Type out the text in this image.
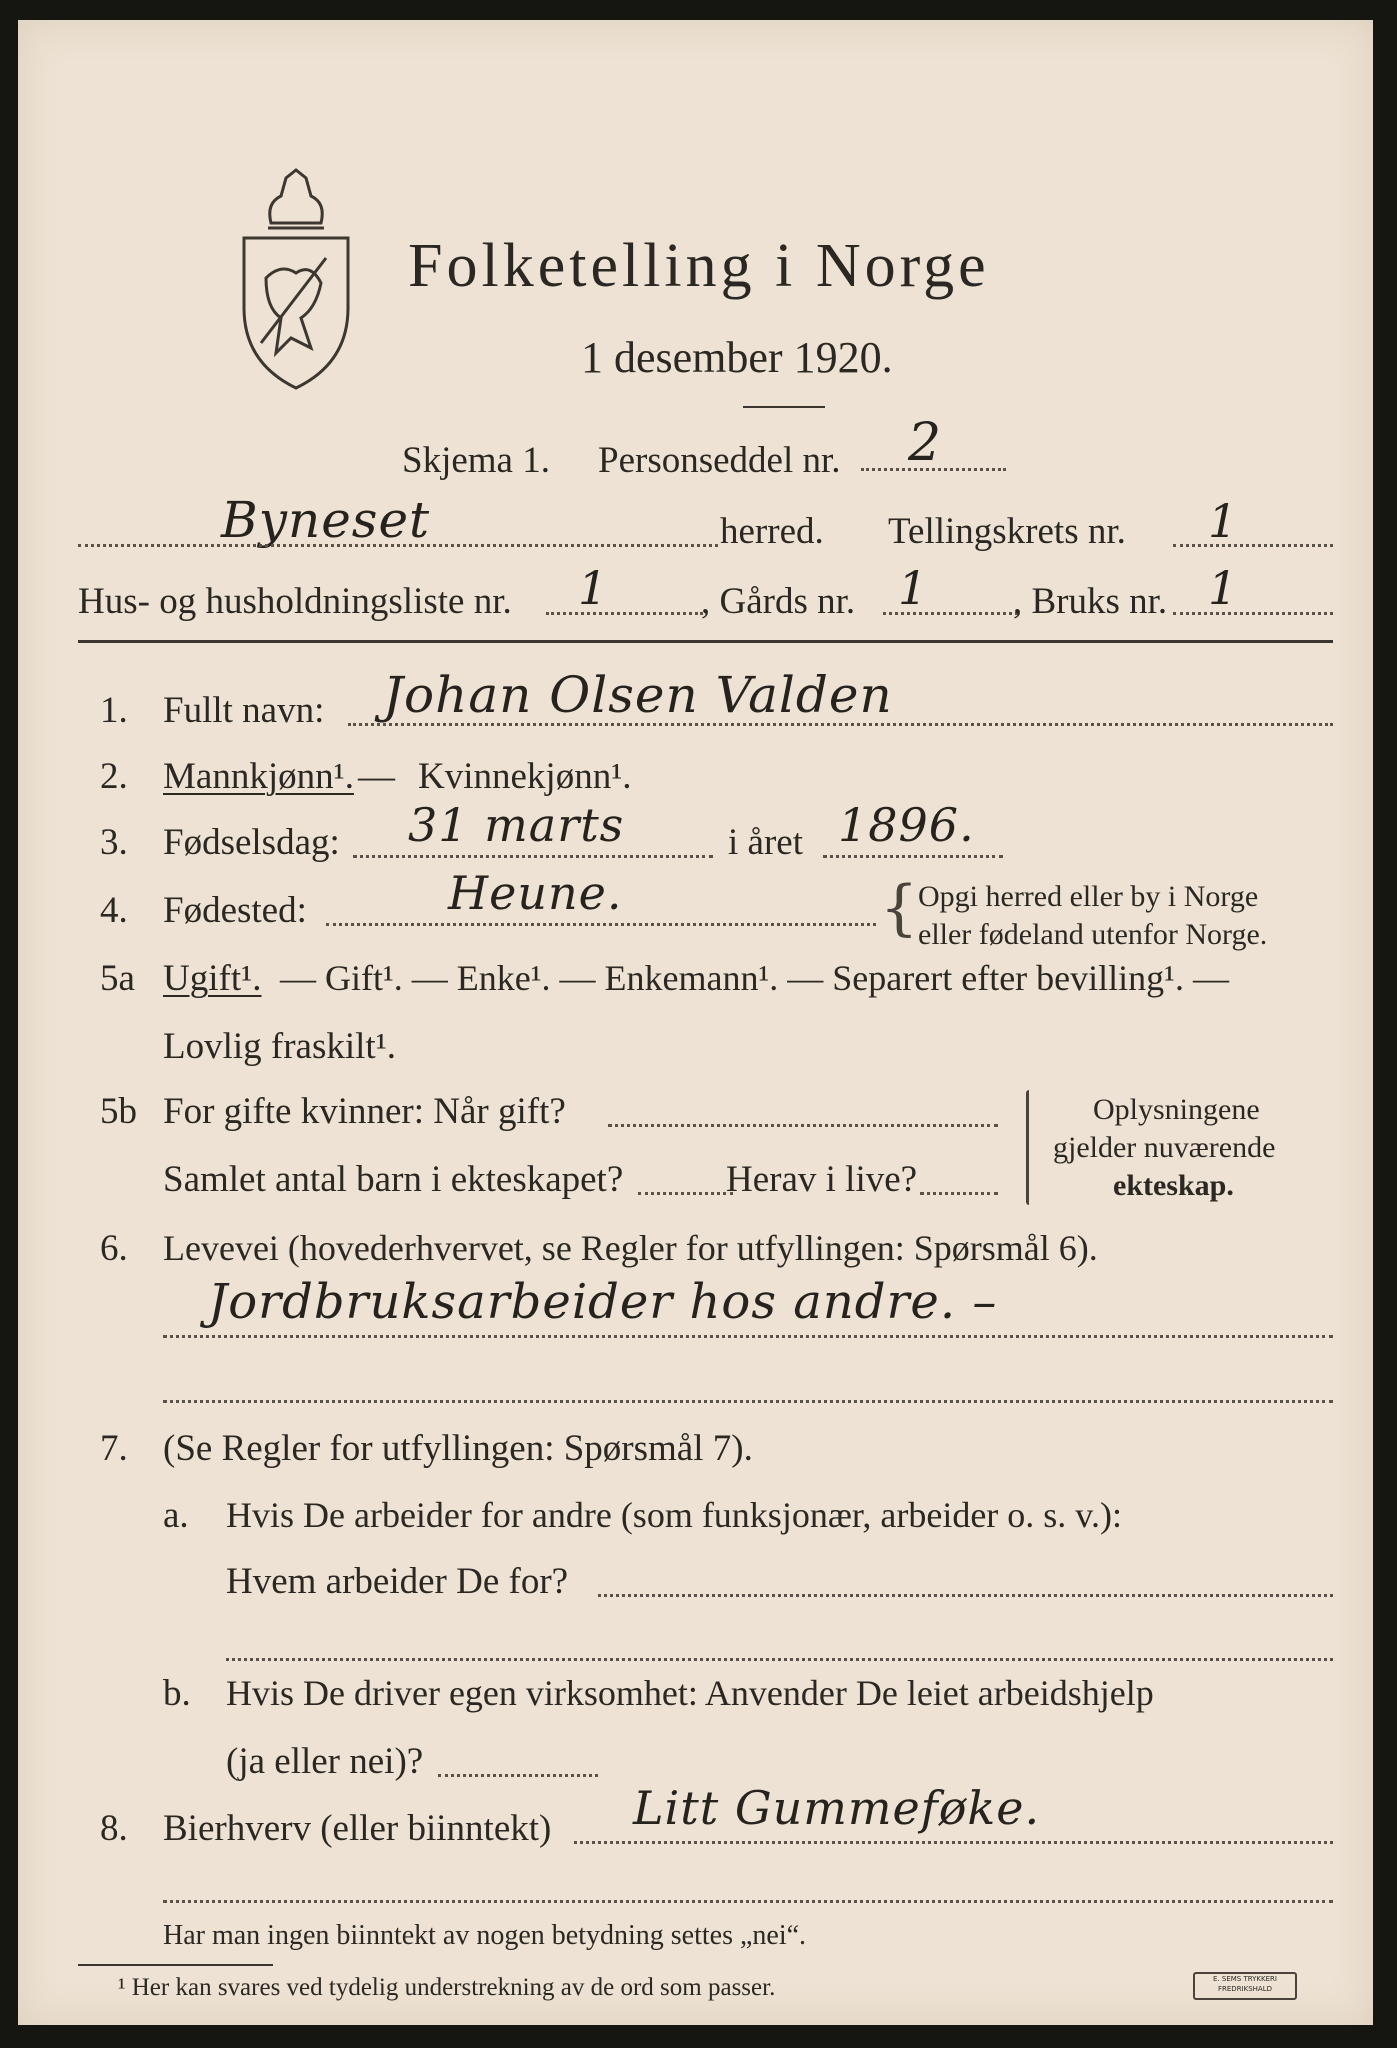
Folketelling i Norge
1 desember 1920.
Skjema 1. Personseddel nr. 2
Byneset	herred. Tellingskrets nr. 1
Hus- og husholdningsliste nr. 1	, Gårds nr. 1 , Bruks nr. 1
1. Fullt navn: Johan Olsen Valden
2. Mannkjønn¹. — Kvinnekjønn¹.
3. Fødselsdag: 31 marts	i året 1896.
4. Fødested:	Heune.	{ Opgi herred eller by i Norge
eller fødeland utenfor Norge.
5a Ugift¹. — Gift¹. — Enke¹. — Enkemann¹. — Separert efter bevilling¹. —
Lovlig fraskilt¹.
5b For gifte kvinner: Når gift?
Samlet antal barn i ekteskapet?	Herav i live?
Oplysningene
gjelder nuværende
ekteskap.
6. Levevei (hovederhvervet, se Regler for utfyllingen: Spørsmål 6).
Jordbruksarbeider hos andre. –
7. (Se Regler for utfyllingen: Spørsmål 7).
a. Hvis De arbeider for andre (som funksjonær, arbeider o. s. v.):
Hvem arbeider De for?
b. Hvis De driver egen virksomhet: Anvender De leiet arbeidshjelp
(ja eller nei)?
8. Bierhverv (eller biinntekt) Litt Gummeføke.
Har man ingen biinntekt av nogen betydning settes „nei“.
¹ Her kan svares ved tydelig understrekning av de ord som passer.	E. SEMS TRYKKERI FREDRIKSHALD
